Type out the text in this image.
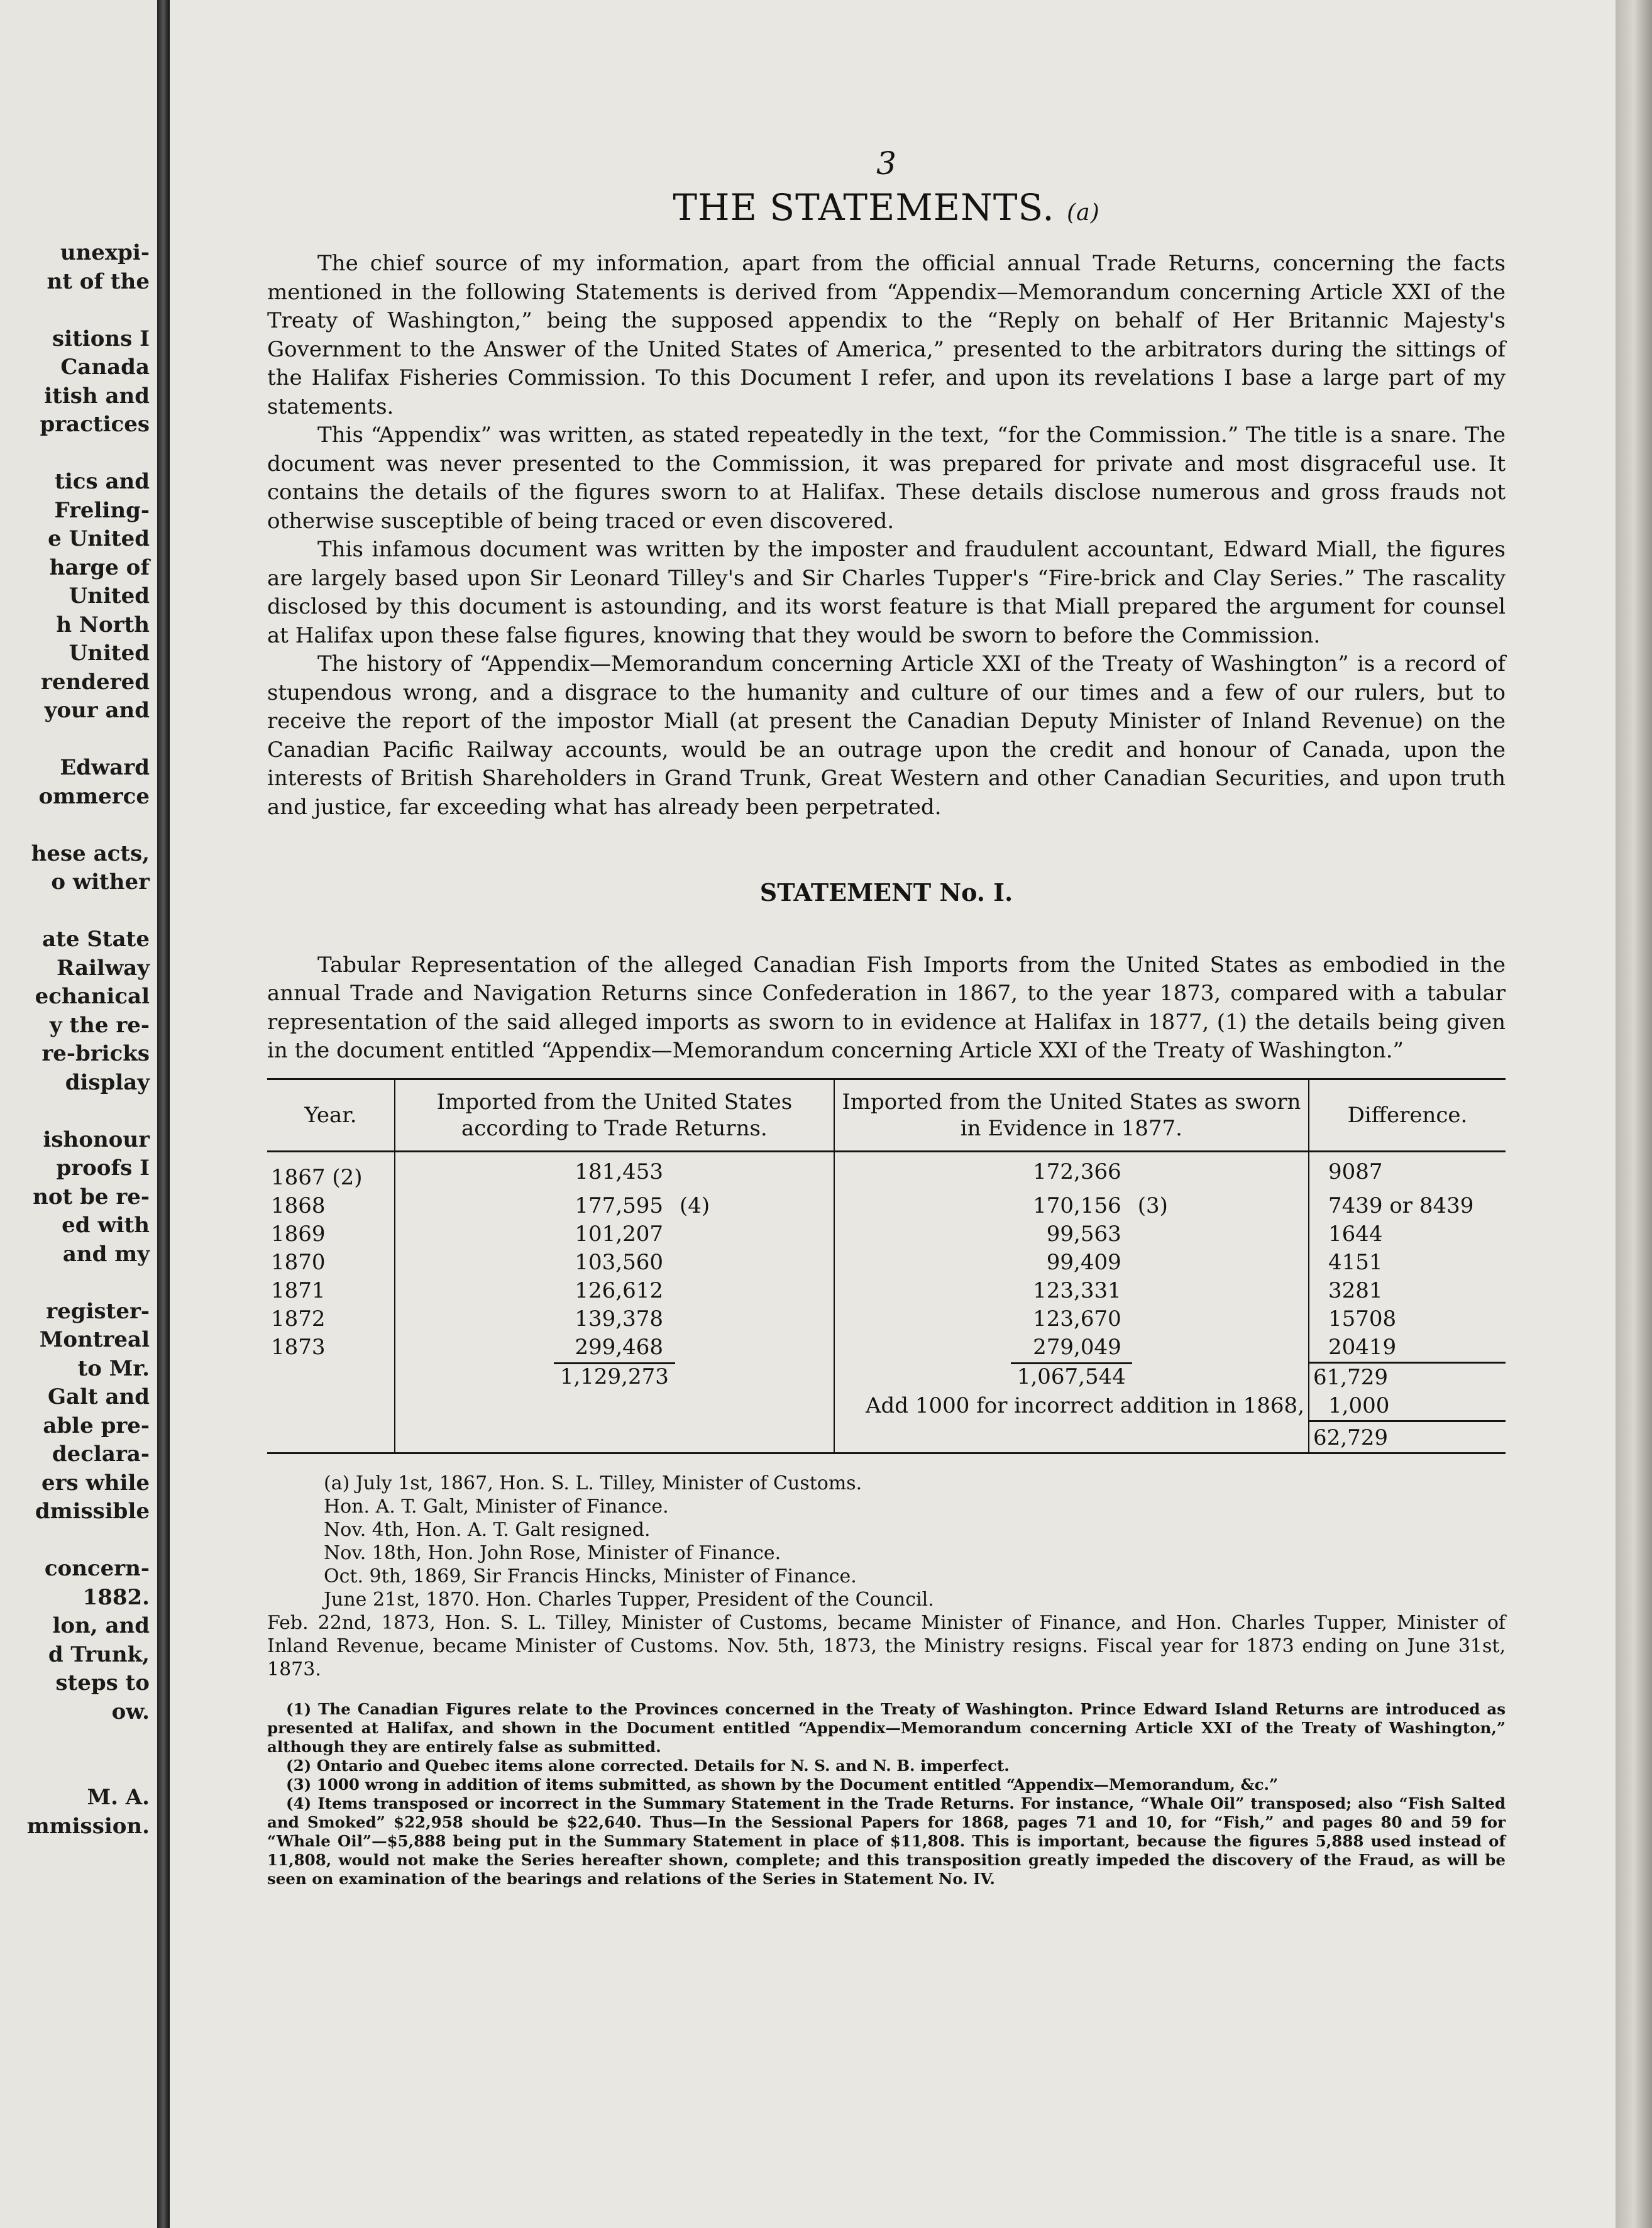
unexpi-
nt of the
sitions I
Canada
itish and
practices
tics and
Freling-
e United
harge of
United
h North
United
rendered
your and
Edward
ommerce
hese acts,
o wither
ate State
Railway
echanical
y the re-
re-bricks
display
ishonour
proofs I
not be re-
ed with
and my
register-
Montreal
to Mr.
Galt and
able pre-
declara-
ers while
dmissible
concern-
1882.
lon, and
d Trunk,
steps to
ow.
M. A.
mmission.
3
THE STATEMENTS. (a)

The chief source of my information, apart from the official annual Trade Returns, concerning the facts mentioned in the following Statements is derived from “Appendix—Memorandum concerning Article XXI of the Treaty of Washington,” being the supposed appendix to the “Reply on behalf of Her Britannic Majesty's Government to the Answer of the United States of America,” presented to the arbitrators during the sittings of the Halifax Fisheries Commission. To this Document I refer, and upon its revelations I base a large part of my statements.

This “Appendix” was written, as stated repeatedly in the text, “for the Commission.” The title is a snare. The document was never presented to the Commission, it was prepared for private and most disgraceful use. It contains the details of the figures sworn to at Halifax. These details disclose numerous and gross frauds not otherwise susceptible of being traced or even discovered.

This infamous document was written by the imposter and fraudulent accountant, Edward Miall, the figures are largely based upon Sir Leonard Tilley's and Sir Charles Tupper's “Fire-brick and Clay Series.” The rascality disclosed by this document is astounding, and its worst feature is that Miall prepared the argument for counsel at Halifax upon these false figures, knowing that they would be sworn to before the Commission.

The history of “Appendix—Memorandum concerning Article XXI of the Treaty of Washington” is a record of stupendous wrong, and a disgrace to the humanity and culture of our times and a few of our rulers, but to receive the report of the impostor Miall (at present the Canadian Deputy Minister of Inland Revenue) on the Canadian Pacific Railway accounts, would be an outrage upon the credit and honour of Canada, upon the interests of British Shareholders in Grand Trunk, Great Western and other Canadian Securities, and upon truth and justice, far exceeding what has already been perpetrated.

STATEMENT No. I.

Tabular Representation of the alleged Canadian Fish Imports from the United States as embodied in the annual Trade and Navigation Returns since Confederation in 1867, to the year 1873, compared with a tabular representation of the said alleged imports as sworn to in evidence at Halifax in 1877, (1) the details being given in the document entitled “Appendix—Memorandum concerning Article XXI of the Treaty of Washington.”

Year.	Imported from the United States according to Trade Returns.		Imported from the United States as sworn in Evidence in 1877.		Difference.
1867 (2)	181,453		172,366		9087
1868	177,595	(4)	170,156	(3)	7439 or 8439
1869	101,207		99,563		1644
1870	103,560		99,409		4151
1871	126,612		123,331		3281
1872	139,378		123,670		15708
1873	299,468		279,049		20419
	1,129,273		1,067,544		61,729
			Add 1000 for incorrect addition in 1868,		1,000
					62,729
(a) July 1st, 1867, Hon. S. L. Tilley, Minister of Customs.
Hon. A. T. Galt, Minister of Finance.
Nov. 4th, Hon. A. T. Galt resigned.
Nov. 18th, Hon. John Rose, Minister of Finance.
Oct. 9th, 1869, Sir Francis Hincks, Minister of Finance.
June 21st, 1870. Hon. Charles Tupper, President of the Council.

Feb. 22nd, 1873, Hon. S. L. Tilley, Minister of Customs, became Minister of Finance, and Hon. Charles Tupper, Minister of Inland Revenue, became Minister of Customs. Nov. 5th, 1873, the Ministry resigns. Fiscal year for 1873 ending on June 31st, 1873.

(1) The Canadian Figures relate to the Provinces concerned in the Treaty of Washington. Prince Edward Island Returns are introduced as presented at Halifax, and shown in the Document entitled “Appendix—Memorandum concerning Article XXI of the Treaty of Washington,” although they are entirely false as submitted.

(2) Ontario and Quebec items alone corrected. Details for N. S. and N. B. imperfect.

(3) 1000 wrong in addition of items submitted, as shown by the Document entitled “Appendix—Memorandum, &c.”

(4) Items transposed or incorrect in the Summary Statement in the Trade Returns. For instance, “Whale Oil” transposed; also “Fish Salted and Smoked” $22,958 should be $22,640. Thus—In the Sessional Papers for 1868, pages 71 and 10, for “Fish,” and pages 80 and 59 for “Whale Oil”—$5,888 being put in the Summary Statement in place of $11,808. This is important, because the figures 5,888 used instead of 11,808, would not make the Series hereafter shown, complete; and this transposition greatly impeded the discovery of the Fraud, as will be seen on examination of the bearings and relations of the Series in Statement No. IV.
